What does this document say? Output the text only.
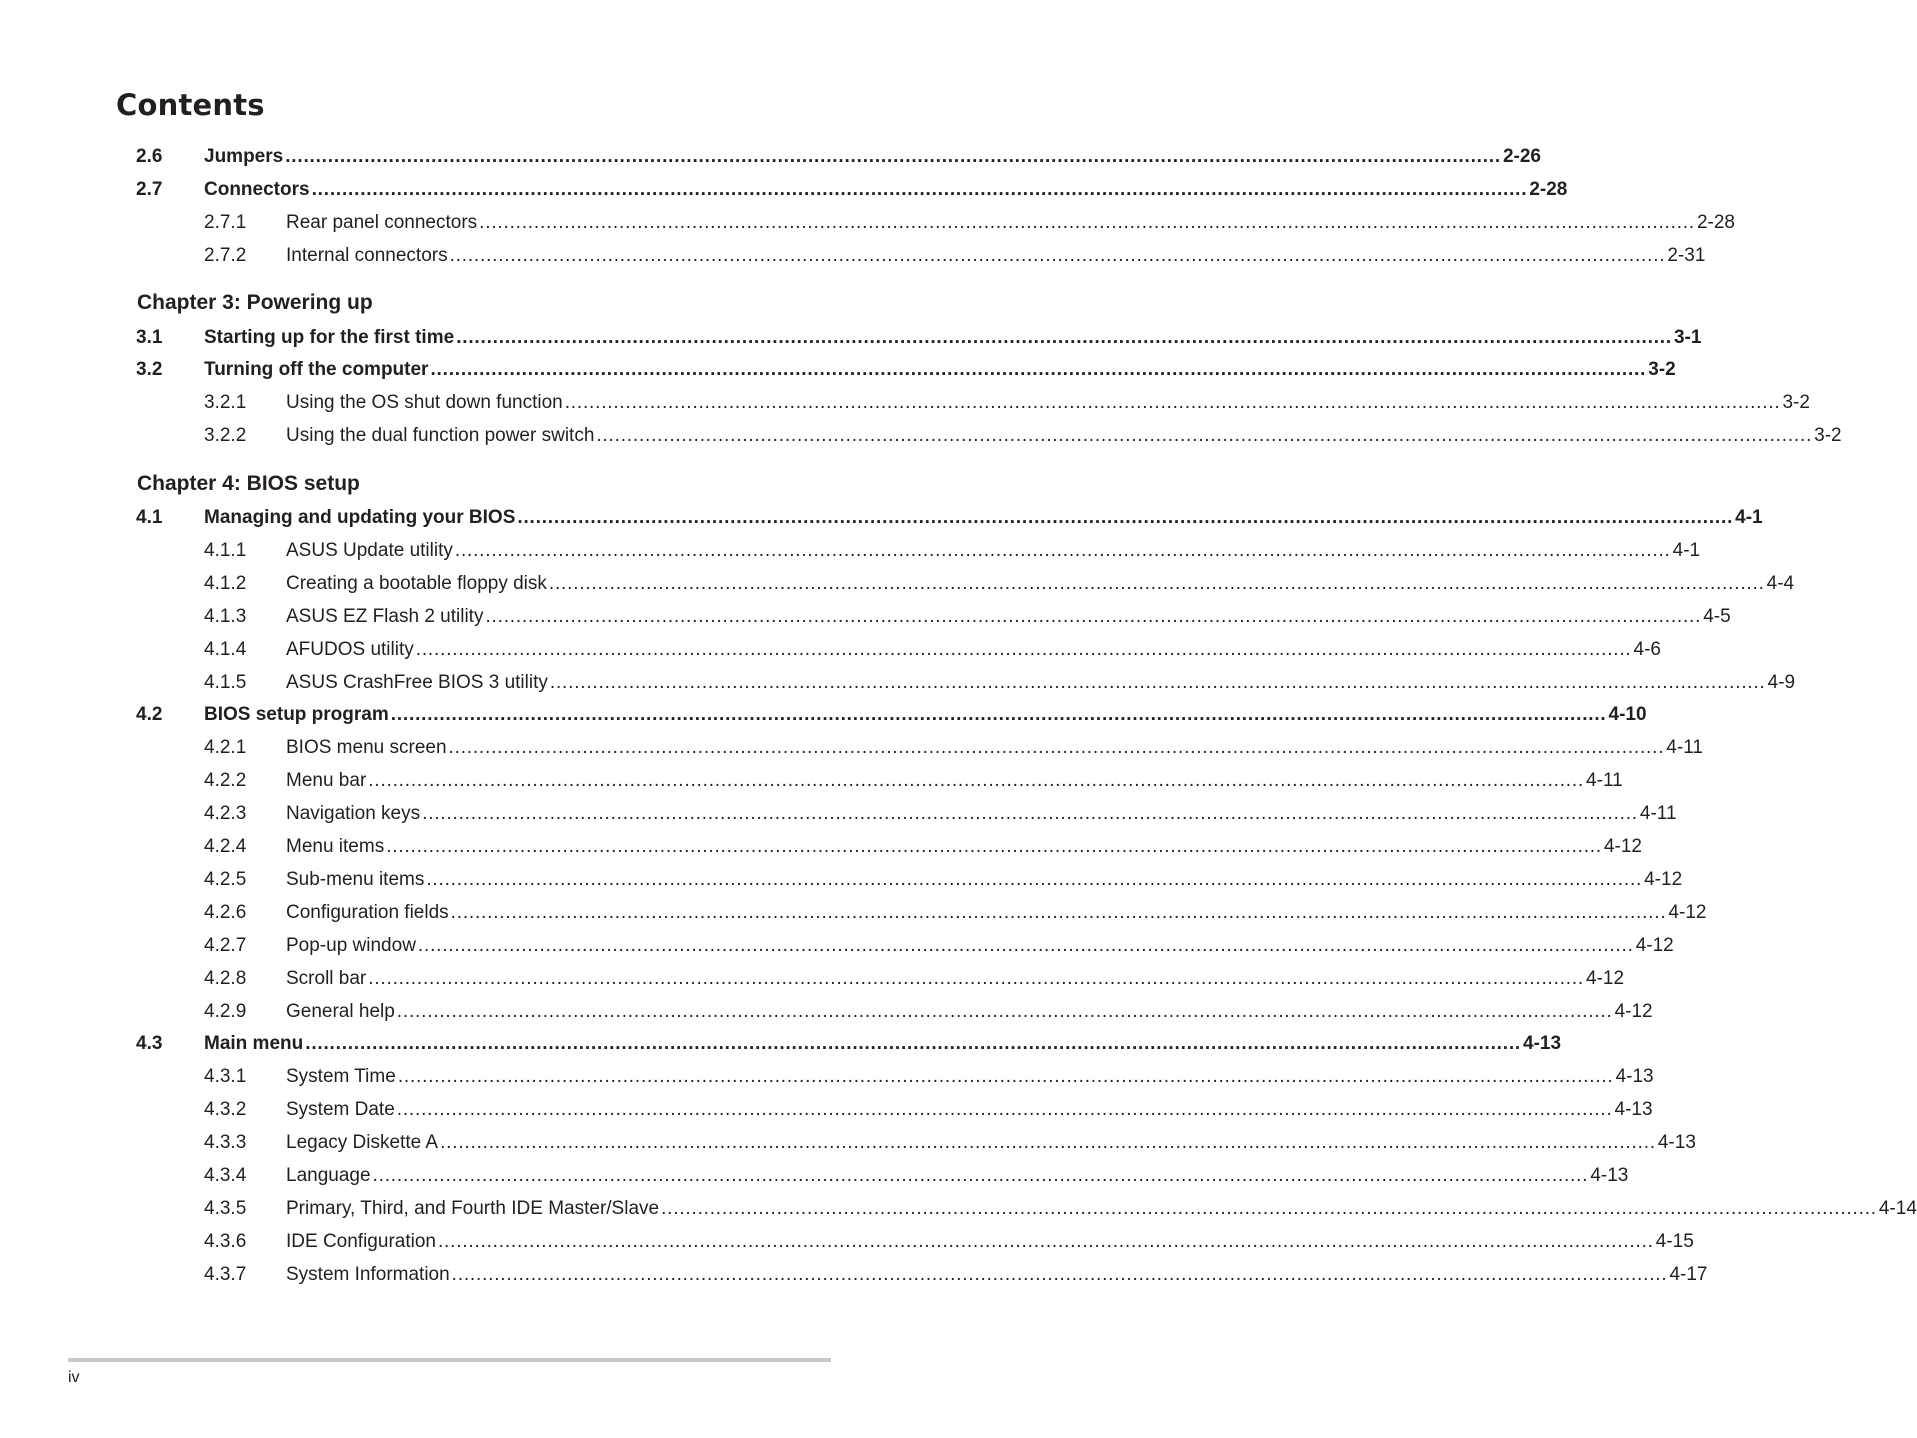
Contents
2.6 Jumpers ........................................................................................................................................................................................................ 2-26
2.7 Connectors ........................................................................................................................................................................................................ 2-28
2.7.1 Rear panel connectors ........................................................................................................................................................................................................ 2-28
2.7.2 Internal connectors ........................................................................................................................................................................................................ 2-31
Chapter 3: Powering up
3.1 Starting up for the first time ........................................................................................................................................................................................................ 3-1
3.2 Turning off the computer ........................................................................................................................................................................................................ 3-2
3.2.1 Using the OS shut down function ........................................................................................................................................................................................................ 3-2
3.2.2 Using the dual function power switch ........................................................................................................................................................................................................ 3-2
Chapter 4: BIOS setup
4.1 Managing and updating your BIOS ........................................................................................................................................................................................................ 4-1
4.1.1 ASUS Update utility ........................................................................................................................................................................................................ 4-1
4.1.2 Creating a bootable floppy disk ........................................................................................................................................................................................................ 4-4
4.1.3 ASUS EZ Flash 2 utility ........................................................................................................................................................................................................ 4-5
4.1.4 AFUDOS utility ........................................................................................................................................................................................................ 4-6
4.1.5 ASUS CrashFree BIOS 3 utility ........................................................................................................................................................................................................ 4-9
4.2 BIOS setup program ........................................................................................................................................................................................................ 4-10
4.2.1 BIOS menu screen ........................................................................................................................................................................................................ 4-11
4.2.2 Menu bar ........................................................................................................................................................................................................ 4-11
4.2.3 Navigation keys ........................................................................................................................................................................................................ 4-11
4.2.4 Menu items ........................................................................................................................................................................................................ 4-12
4.2.5 Sub-menu items ........................................................................................................................................................................................................ 4-12
4.2.6 Configuration fields ........................................................................................................................................................................................................ 4-12
4.2.7 Pop-up window ........................................................................................................................................................................................................ 4-12
4.2.8 Scroll bar ........................................................................................................................................................................................................ 4-12
4.2.9 General help ........................................................................................................................................................................................................ 4-12
4.3 Main menu ........................................................................................................................................................................................................ 4-13
4.3.1 System Time ........................................................................................................................................................................................................ 4-13
4.3.2 System Date ........................................................................................................................................................................................................ 4-13
4.3.3 Legacy Diskette A ........................................................................................................................................................................................................ 4-13
4.3.4 Language ........................................................................................................................................................................................................ 4-13
4.3.5 Primary, Third, and Fourth IDE Master/Slave ........................................................................................................................................................................................................ 4-14
4.3.6 IDE Configuration ........................................................................................................................................................................................................ 4-15
4.3.7 System Information ........................................................................................................................................................................................................ 4-17
iv
